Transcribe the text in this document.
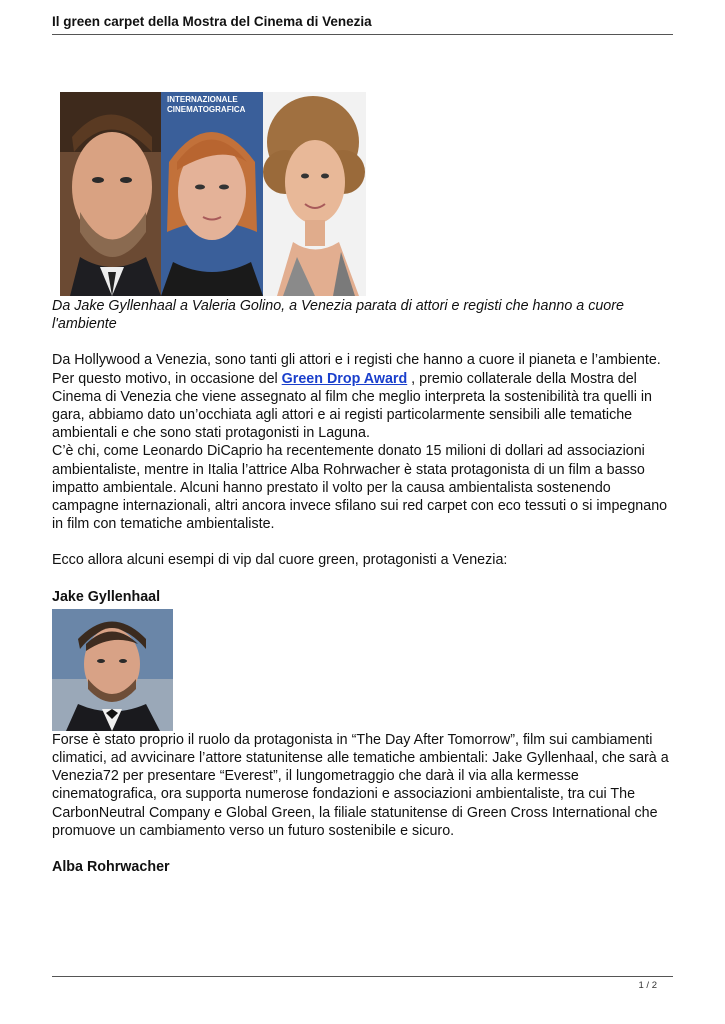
Il green carpet della Mostra del Cinema di Venezia
INTERNAZIONALE
CINEMATOGRAFICA

Da Jake Gyllenhaal a Valeria Golino, a Venezia parata di attori e registi che hanno a cuore l'ambiente

Da Hollywood a Venezia, sono tanti gli attori e i registi che hanno a cuore il pianeta e l’ambiente. Per questo motivo, in occasione del Green Drop Award , premio collaterale della Mostra del Cinema di Venezia che viene assegnato al film che meglio interpreta la sostenibilità tra quelli in gara, abbiamo dato un’occhiata agli attori e ai registi particolarmente sensibili alle tematiche ambientali e che sono stati protagonisti in Laguna.

C’è chi, come Leonardo DiCaprio ha recentemente donato 15 milioni di dollari ad associazioni ambientaliste, mentre in Italia l’attrice Alba Rohrwacher è stata protagonista di un film a basso impatto ambientale. Alcuni hanno prestato il volto per la causa ambientalista sostenendo campagne internazionali, altri ancora invece sfilano sui red carpet con eco tessuti o si impegnano in film con tematiche ambientaliste.

Ecco allora alcuni esempi di vip dal cuore green, protagonisti a Venezia:

Jake Gyllenhaal

Forse è stato proprio il ruolo da protagonista in “The Day After Tomorrow”, film sui cambiamenti climatici, ad avvicinare l’attore statunitense alle tematiche ambientali: Jake Gyllenhaal, che sarà a Venezia72 per presentare “Everest”, il lungometraggio che darà il via alla kermesse cinematografica, ora supporta numerose fondazioni e associazioni ambientaliste, tra cui The CarbonNeutral Company e Global Green, la filiale statunitense di Green Cross International che promuove un cambiamento verso un futuro sostenibile e sicuro.

Alba Rohrwacher

1 / 2
